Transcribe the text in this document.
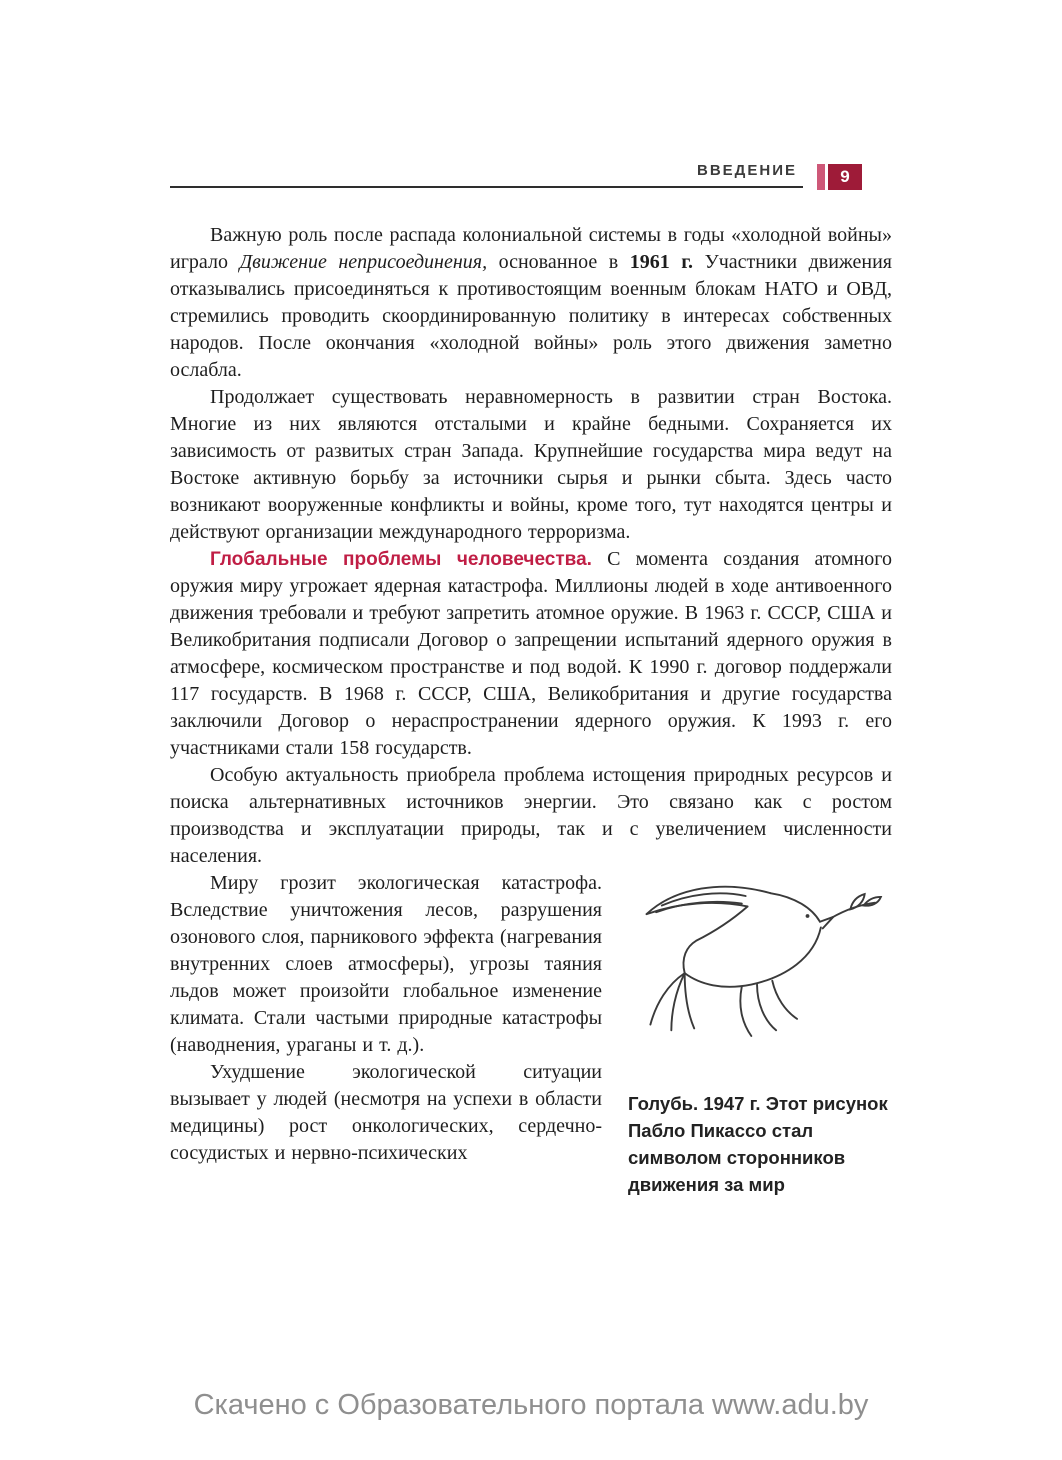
ВВЕДЕНИЕ	9

Важную роль после распада колониальной системы в годы «холодной войны» играло Движение неприсоединения, основанное в 1961 г. Участники движения отказывались присоединяться к противостоящим военным блокам НАТО и ОВД, стремились проводить скоординированную политику в интересах собственных народов. После окончания «холодной войны» роль этого движения заметно ослабла.

Продолжает существовать неравномерность в развитии стран Востока. Многие из них являются отсталыми и крайне бедными. Сохраняется их зависимость от развитых стран Запада. Крупнейшие государства мира ведут на Востоке активную борьбу за источники сырья и рынки сбыта. Здесь часто возникают вооруженные конфликты и войны, кроме того, тут находятся центры и действуют организации международного терроризма.

Глобальные проблемы человечества. С момента создания атомного оружия миру угрожает ядерная катастрофа. Миллионы людей в ходе антивоенного движения требовали и требуют запретить атомное оружие. В 1963 г. СССР, США и Великобритания подписали Договор о запрещении испытаний ядерного оружия в атмосфере, космическом пространстве и под водой. К 1990 г. договор поддержали 117 государств. В 1968 г. СССР, США, Великобритания и другие государства заключили Договор о нераспространении ядерного оружия. К 1993 г. его участниками стали 158 государств.

Особую актуальность приобрела проблема истощения природных ресурсов и поиска альтернативных источников энергии. Это связано как с ростом производства и эксплуатации природы, так и с увеличением численности населения.

Миру грозит экологическая катастрофа. Вследствие уничтожения лесов, разрушения озонового слоя, парникового эффекта (нагревания внутренних слоев атмосферы), угрозы таяния льдов может произойти глобальное изменение климата. Стали частыми природные катастрофы (наводнения, ураганы и т. д.).

Ухудшение экологической ситуации вызывает у людей (несмотря на успехи в области медицины) рост онкологических, сердечно-сосудистых и нервно-психических

Голубь. 1947 г. Этот рисунок Пабло Пикассо стал символом сторонников движения за мир
Скачено с Образовательного портала www.adu.by
